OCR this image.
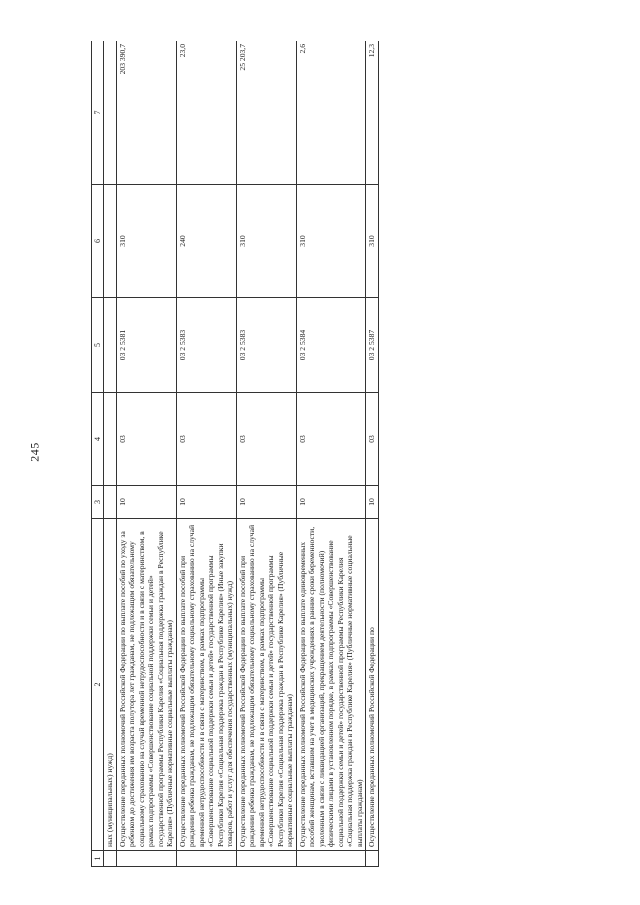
245
1	2	3	4	5	6	7
	ных (муниципальных) нужд)					
	Осуществление переданных полномочий Российской Федерации по выплате пособий по уходу за ребенком до достижения им возраста полутора лет гражданам, не подлежащим обязательному социальному страхованию на случай временной нетрудоспособности и в связи с материнством, в рамках подпрограммы «Совершенствование социальной поддержки семьи и детей» государственной программы Республики Карелия «Социальная поддержка граждан в Республике Карелия» (Публичные нормативные социальные выплаты гражданам)	10	03	03 2 5381	310	203 390,7
	Осуществление переданных полномочий Российской Федерации по выплате пособий при рождении ребенка гражданам, не подлежащим обязательному социальному страхованию на случай временной нетрудоспособности и в связи с материнством, в рамках подпрограммы «Совершенствование социальной поддержки семьи и детей» государственной программы Республики Карелия «Социальная поддержка граждан в Республике Карелия» (Иные закупки товаров, работ и услуг для обеспечения государственных (муниципальных) нужд)	10	03	03 2 5383	240	23,0
	Осуществление переданных полномочий Российской Федерации по выплате пособий при рождении ребенка гражданам, не подлежащим обязательному социальному страхованию на случай временной нетрудоспособности и в связи с материнством, в рамках подпрограммы «Совершенствование социальной поддержки семьи и детей» государственной программы Республики Карелия «Социальная поддержка граждан в Республике Карелия» (Публичные нормативные социальные выплаты гражданам)	10	03	03 2 5383	310	25 203,7
	Осуществление переданных полномочий Российской Федерации по выплате единовременных пособий женщинам, вставшим на учет в медицинских учреждениях в ранние сроки беременности, уволенным в связи с ликвидацией организаций, прекращением деятельности (полномочий) физическими лицами в установленном порядке, в рамках подпрограммы «Совершенствование социальной поддержки семьи и детей» государственной программы Республики Карелия «Социальная поддержка граждан в Республике Карелия» (Публичные нормативные социальные выплаты гражданам)	10	03	03 2 5384	310	2,6
	Осуществление переданных полномочий Российской Федерации по	10	03	03 2 5387	310	12,3
